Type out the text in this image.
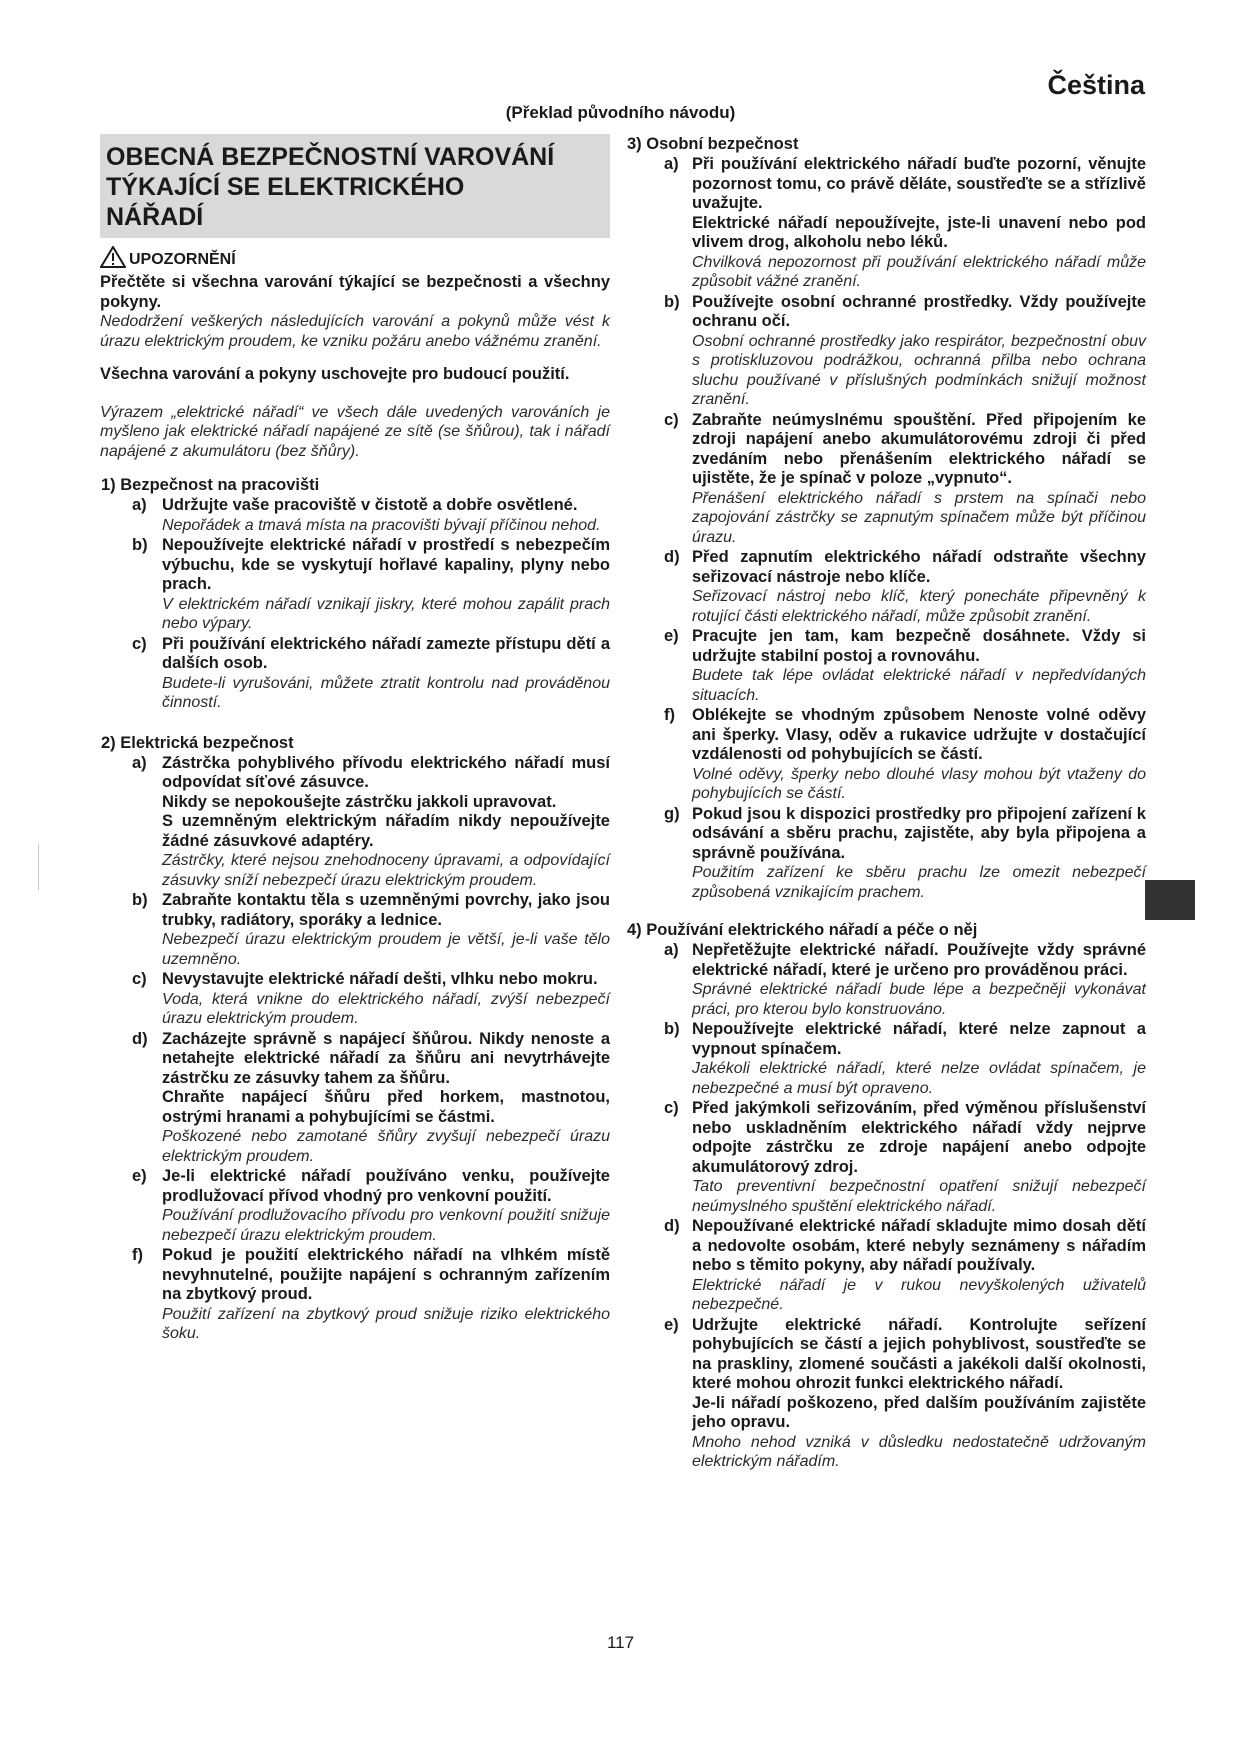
Čeština
(Překlad původního návodu)
OBECNÁ BEZPEČNOSTNÍ VAROVÁNÍ
TÝKAJÍCÍ SE ELEKTRICKÉHO
NÁŘADÍ
UPOZORNĚNÍ
Přečtěte si všechna varování týkající se bezpečnosti a všechny pokyny.
Nedodržení veškerých následujících varování a pokynů může vést k úrazu elektrickým proudem, ke vzniku požáru anebo vážnému zranění.
Všechna varování a pokyny uschovejte pro budoucí použití.
Výrazem „elektrické nářadí“ ve všech dále uvedených varováních je myšleno jak elektrické nářadí napájené ze sítě (se šňůrou), tak i nářadí napájené z akumulátoru (bez šňůry).
1) Bezpečnost na pracovišti
a) Udržujte vaše pracoviště v čistotě a dobře osvětlené.
Nepořádek a tmavá místa na pracovišti bývají příčinou nehod.
b) Nepoužívejte elektrické nářadí v prostředí s nebezpečím výbuchu, kde se vyskytují hořlavé kapaliny, plyny nebo prach.
V elektrickém nářadí vznikají jiskry, které mohou zapálit prach nebo výpary.
c) Při používání elektrického nářadí zamezte přístupu dětí a dalších osob.
Budete-li vyrušováni, můžete ztratit kontrolu nad prováděnou činností.
2) Elektrická bezpečnost
a) Zástrčka pohyblivého přívodu elektrického nářadí musí odpovídat síťové zásuvce.
Nikdy se nepokoušejte zástrčku jakkoli upravovat.
S uzemněným elektrickým nářadím nikdy nepoužívejte žádné zásuvkové adaptéry.
Zástrčky, které nejsou znehodnoceny úpravami, a odpovídající zásuvky sníží nebezpečí úrazu elektrickým proudem.
b) Zabraňte kontaktu těla s uzemněnými povrchy, jako jsou trubky, radiátory, sporáky a lednice.
Nebezpečí úrazu elektrickým proudem je větší, je-li vaše tělo uzemněno.
c) Nevystavujte elektrické nářadí dešti, vlhku nebo mokru.
Voda, která vnikne do elektrického nářadí, zvýší nebezpečí úrazu elektrickým proudem.
d) Zacházejte správně s napájecí šňůrou. Nikdy nenoste a netahejte elektrické nářadí za šňůru ani nevytrhávejte zástrčku ze zásuvky tahem za šňůru.
Chraňte napájecí šňůru před horkem, mastnotou, ostrými hranami a pohybujícími se částmi.
Poškozené nebo zamotané šňůry zvyšují nebezpečí úrazu elektrickým proudem.
e) Je-li elektrické nářadí používáno venku, používejte prodlužovací přívod vhodný pro venkovní použití.
Používání prodlužovacího přívodu pro venkovní použití snižuje nebezpečí úrazu elektrickým proudem.
f)	Pokud je použití elektrického nářadí na vlhkém místě nevyhnutelné, použijte napájení s ochranným zařízením na zbytkový proud.
Použití zařízení na zbytkový proud snižuje riziko elektrického šoku.
3) Osobní bezpečnost
a) Při používání elektrického nářadí buďte pozorní, věnujte pozornost tomu, co právě děláte, soustřeďte se a střízlivě uvažujte.
Elektrické nářadí nepoužívejte, jste-li unavení nebo pod vlivem drog, alkoholu nebo léků.
Chvilková nepozornost při používání elektrického nářadí může způsobit vážné zranění.
b) Používejte osobní ochranné prostředky. Vždy používejte ochranu očí.
Osobní ochranné prostředky jako respirátor, bezpečnostní obuv s protiskluzovou podrážkou, ochranná přilba nebo ochrana sluchu používané v příslušných podmínkách snižují možnost zranění.
c) Zabraňte neúmyslnému spouštění. Před připojením ke zdroji napájení anebo akumulátorovému zdroji či před zvedáním nebo přenášením elektrického nářadí se ujistěte, že je spínač v poloze „vypnuto“.
Přenášení elektrického nářadí s prstem na spínači nebo zapojování zástrčky se zapnutým spínačem může být příčinou úrazu.
d) Před zapnutím elektrického nářadí odstraňte všechny seřizovací nástroje nebo klíče.
Seřizovací nástroj nebo klíč, který ponecháte připevněný k rotující části elektrického nářadí, může způsobit zranění.
e) Pracujte jen tam, kam bezpečně dosáhnete. Vždy si udržujte stabilní postoj a rovnováhu.
Budete tak lépe ovládat elektrické nářadí v nepředvídaných situacích.
f)	Oblékejte se vhodným způsobem Nenoste volné oděvy ani šperky. Vlasy, oděv a rukavice udržujte v dostačující vzdálenosti od pohybujících se částí.
Volné oděvy, šperky nebo dlouhé vlasy mohou být vtaženy do pohybujících se částí.
g) Pokud jsou k dispozici prostředky pro připojení zařízení k odsávání a sběru prachu, zajistěte, aby byla připojena a správně používána.
Použitím zařízení ke sběru prachu lze omezit nebezpečí způsobená vznikajícím prachem.
4) Používání elektrického nářadí a péče o něj
a) Nepřetěžujte elektrické nářadí. Používejte vždy správné elektrické nářadí, které je určeno pro prováděnou práci.
Správné elektrické nářadí bude lépe a bezpečněji vykonávat práci, pro kterou bylo konstruováno.
b) Nepoužívejte elektrické nářadí, které nelze zapnout a vypnout spínačem.
Jakékoli elektrické nářadí, které nelze ovládat spínačem, je nebezpečné a musí být opraveno.
c) Před jakýmkoli seřizováním, před výměnou příslušenství nebo uskladněním elektrického nářadí vždy nejprve odpojte zástrčku ze zdroje napájení anebo odpojte akumulátorový zdroj.
Tato preventivní bezpečnostní opatření snižují nebezpečí neúmyslného spuštění elektrického nářadí.
d) Nepoužívané elektrické nářadí skladujte mimo dosah dětí a nedovolte osobám, které nebyly seznámeny s nářadím nebo s těmito pokyny, aby nářadí používaly.
Elektrické nářadí je v rukou nevyškolených uživatelů nebezpečné.
e) Udržujte elektrické nářadí. Kontrolujte seřízení pohybujících se částí a jejich pohyblivost, soustřeďte se na praskliny, zlomené součásti a jakékoli další okolnosti, které mohou ohrozit funkci elektrického nářadí.
Je-li nářadí poškozeno, před dalším používáním zajistěte jeho opravu.
Mnoho nehod vzniká v důsledku nedostatečně udržovaným elektrickým nářadím.
117
